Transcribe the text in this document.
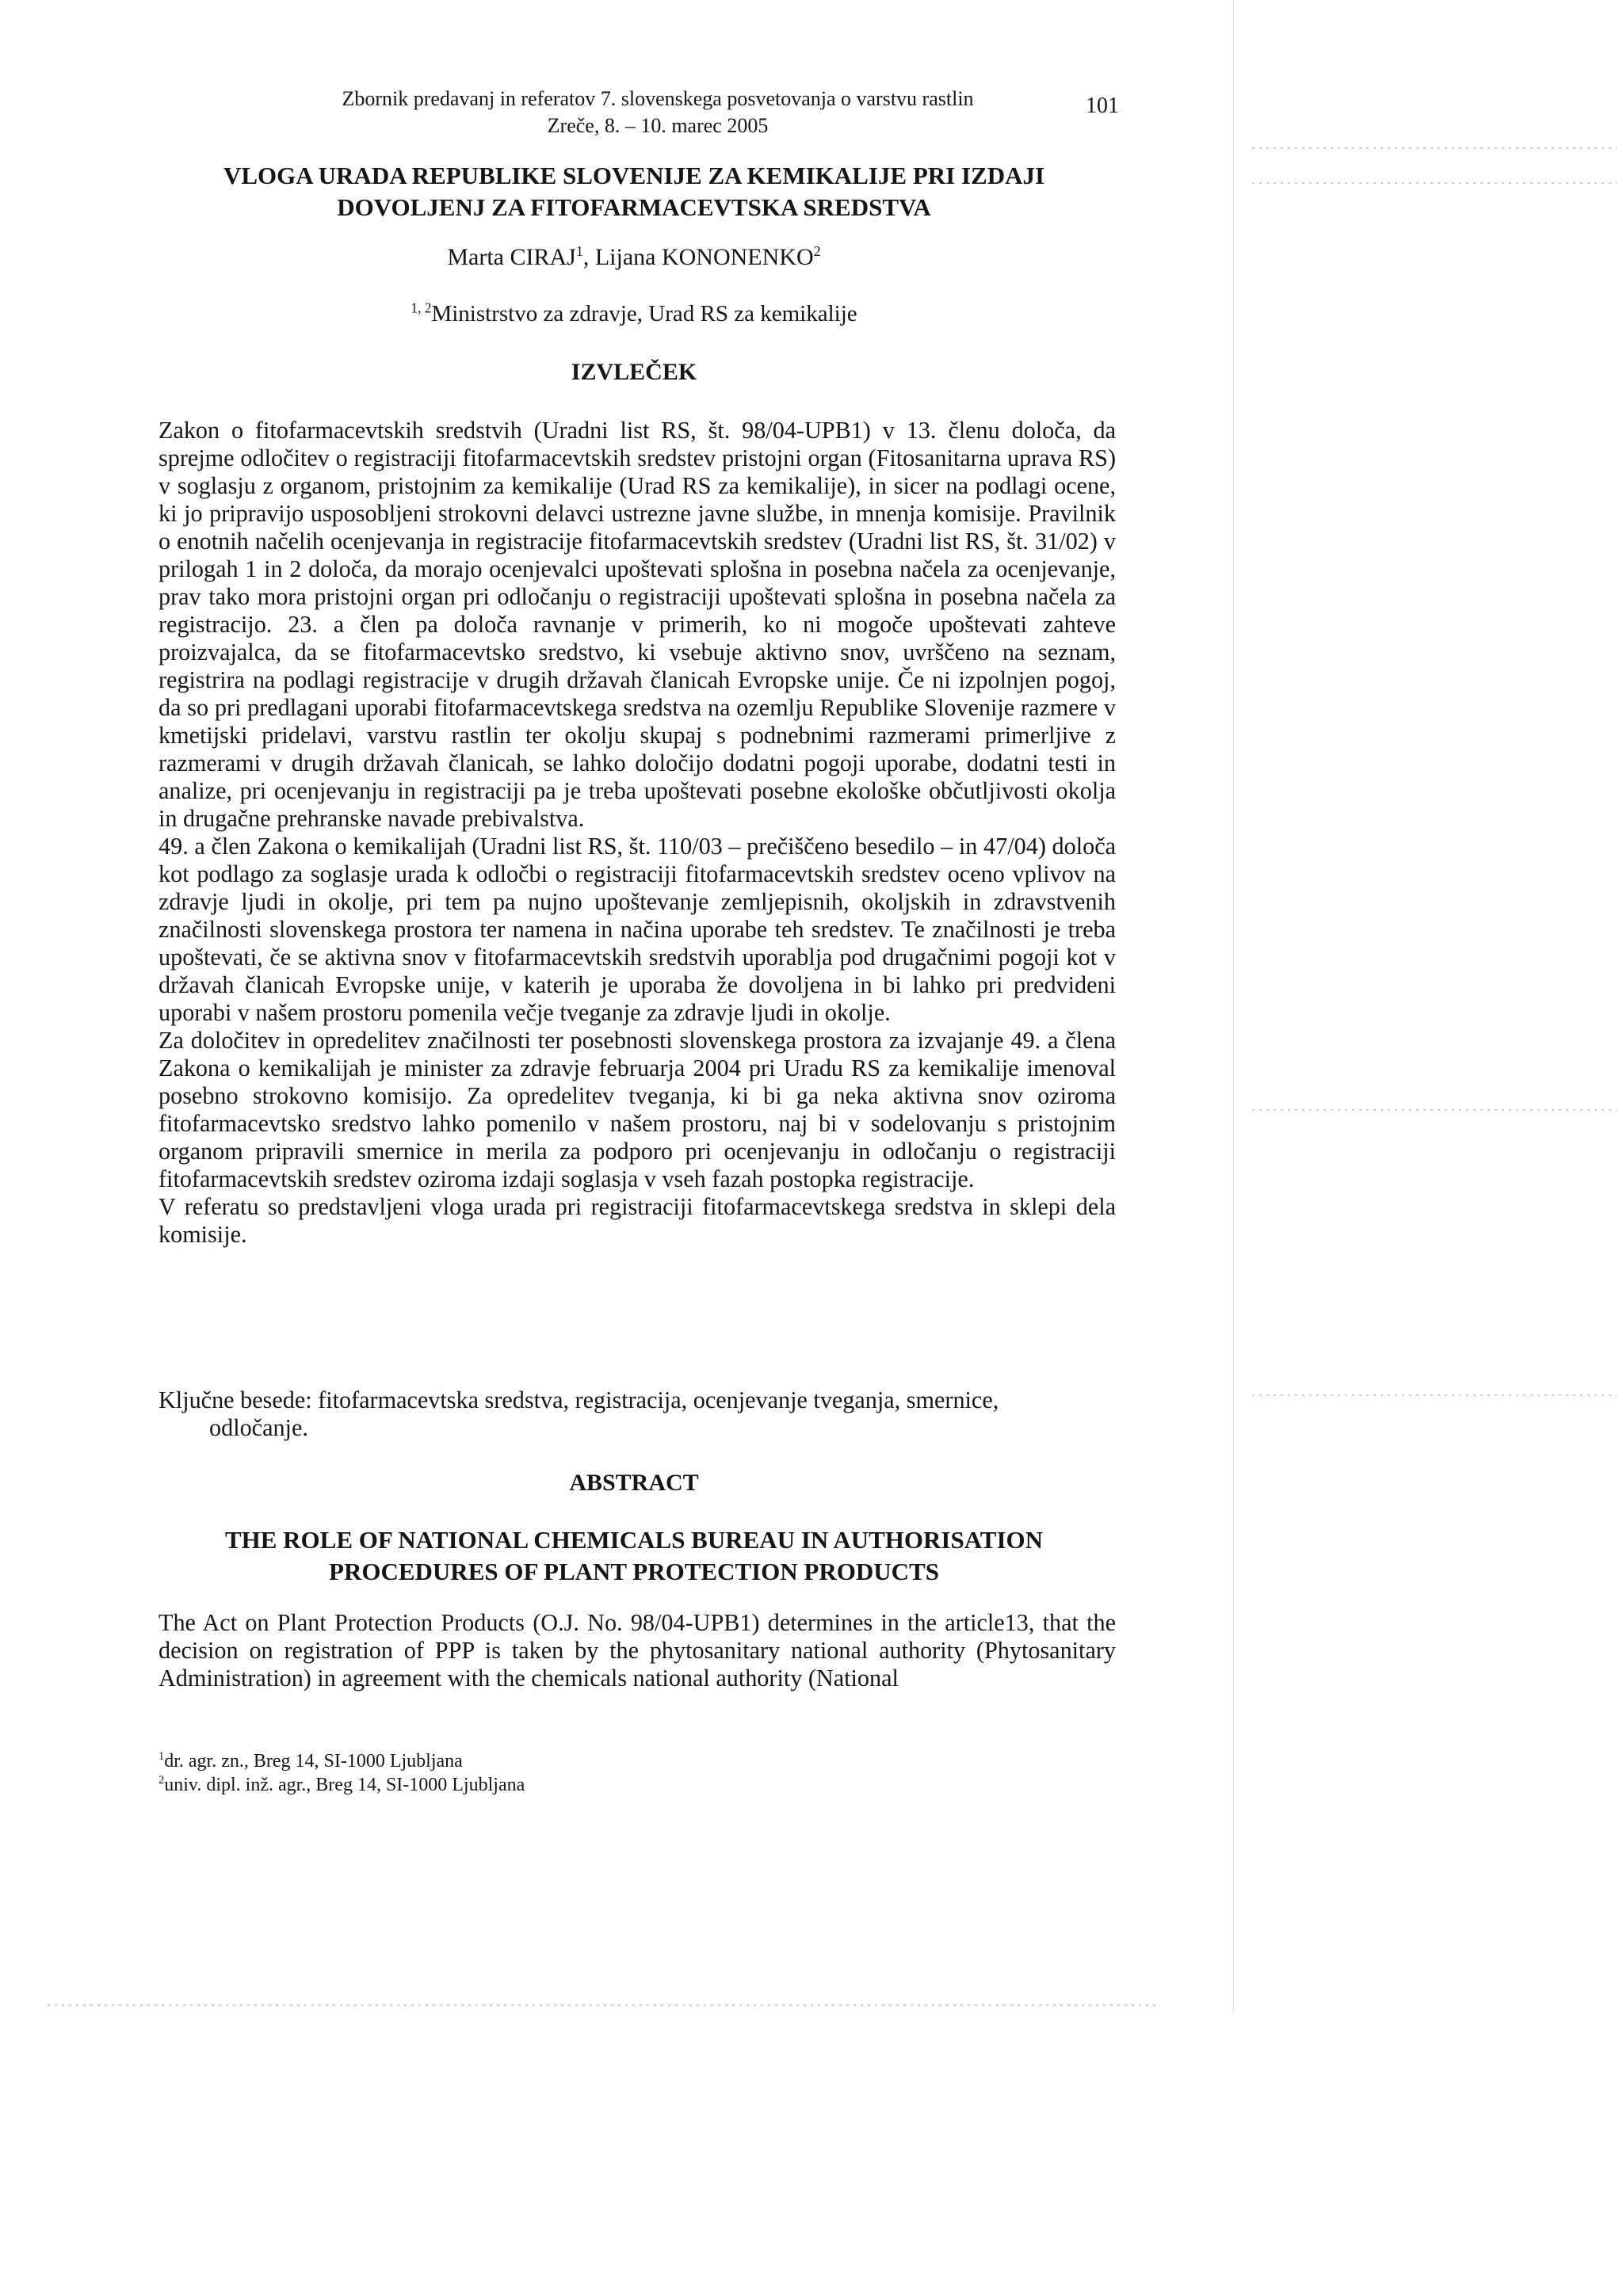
Zbornik predavanj in referatov 7. slovenskega posvetovanja o varstvu rastlin
Zreče, 8. – 10. marec 2005
101
VLOGA URADA REPUBLIKE SLOVENIJE ZA KEMIKALIJE PRI IZDAJI
DOVOLJENJ ZA FITOFARMACEVTSKA SREDSTVA
Marta CIRAJ$^1$, Lijana KONONENKO$^2$
$^{1, 2}$Ministrstvo za zdravje, Urad RS za kemikalije
IZVLEČEK

Zakon o fitofarmacevtskih sredstvih (Uradni list RS, št. 98/04-UPB1) v 13. členu določa, da sprejme odločitev o registraciji fitofarmacevtskih sredstev pristojni organ (Fitosanitarna uprava RS) v soglasju z organom, pristojnim za kemikalije (Urad RS za kemikalije), in sicer na podlagi ocene, ki jo pripravijo usposobljeni strokovni delavci ustrezne javne službe, in mnenja komisije. Pravilnik o enotnih načelih ocenjevanja in registracije fitofarmacevtskih sredstev (Uradni list RS, št. 31/02) v prilogah 1 in 2 določa, da morajo ocenjevalci upoštevati splošna in posebna načela za ocenjevanje, prav tako mora pristojni organ pri odločanju o registraciji upoštevati splošna in posebna načela za registracijo. 23. a člen pa določa ravnanje v primerih, ko ni mogoče upoštevati zahteve proizvajalca, da se fitofarmacevtsko sredstvo, ki vsebuje aktivno snov, uvrščeno na seznam, registrira na podlagi registracije v drugih državah članicah Evropske unije. Če ni izpolnjen pogoj, da so pri predlagani uporabi fitofarmacevtskega sredstva na ozemlju Republike Slovenije razmere v kmetijski pridelavi, varstvu rastlin ter okolju skupaj s podnebnimi razmerami primerljive z razmerami v drugih državah članicah, se lahko določijo dodatni pogoji uporabe, dodatni testi in analize, pri ocenjevanju in registraciji pa je treba upoštevati posebne ekološke občutljivosti okolja in drugačne prehranske navade prebivalstva.

49. a člen Zakona o kemikalijah (Uradni list RS, št. 110/03 – prečiščeno besedilo – in 47/04) določa kot podlago za soglasje urada k odločbi o registraciji fitofarmacevtskih sredstev oceno vplivov na zdravje ljudi in okolje, pri tem pa nujno upoštevanje zemljepisnih, okoljskih in zdravstvenih značilnosti slovenskega prostora ter namena in načina uporabe teh sredstev. Te značilnosti je treba upoštevati, če se aktivna snov v fitofarmacevtskih sredstvih uporablja pod drugačnimi pogoji kot v državah članicah Evropske unije, v katerih je uporaba že dovoljena in bi lahko pri predvideni uporabi v našem prostoru pomenila večje tveganje za zdravje ljudi in okolje.

Za določitev in opredelitev značilnosti ter posebnosti slovenskega prostora za izvajanje 49. a člena Zakona o kemikalijah je minister za zdravje februarja 2004 pri Uradu RS za kemikalije imenoval posebno strokovno komisijo. Za opredelitev tveganja, ki bi ga neka aktivna snov oziroma fitofarmacevtsko sredstvo lahko pomenilo v našem prostoru, naj bi v sodelovanju s pristojnim organom pripravili smernice in merila za podporo pri ocenjevanju in odločanju o registraciji fitofarmacevtskih sredstev oziroma izdaji soglasja v vseh fazah postopka registracije.

V referatu so predstavljeni vloga urada pri registraciji fitofarmacevtskega sredstva in sklepi dela komisije.

Ključne besede: fitofarmacevtska sredstva, registracija, ocenjevanje tveganja, smernice,
odločanje.
ABSTRACT
THE ROLE OF NATIONAL CHEMICALS BUREAU IN AUTHORISATION
PROCEDURES OF PLANT PROTECTION PRODUCTS

The Act on Plant Protection Products (O.J. No. 98/04-UPB1) determines in the article13, that the decision on registration of PPP is taken by the phytosanitary national authority (Phytosanitary Administration) in agreement with the chemicals national authority (National

$^1$dr. agr. zn., Breg 14, SI-1000 Ljubljana
$^2$univ. dipl. inž. agr., Breg 14, SI-1000 Ljubljana
